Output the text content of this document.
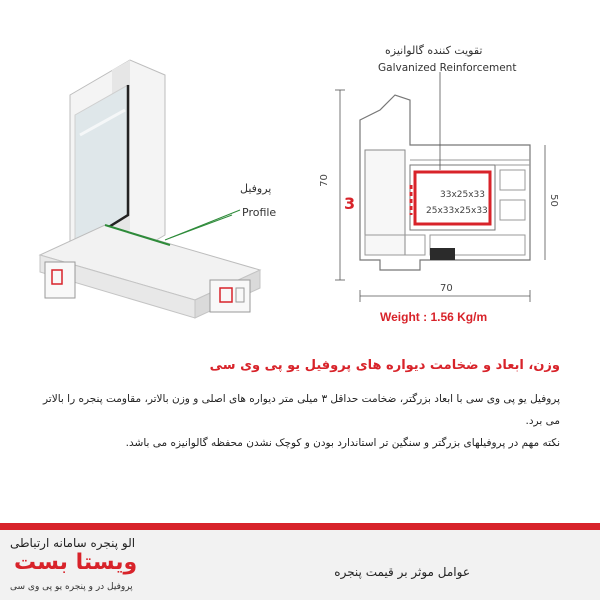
پروفیل
Profile
تقویت کننده گالوانیزه
Galvanized Reinforcement
70
50
70
3	33x25x33
25x33x25x33
Weight : 1.56 Kg/m
وزن، ابعاد و ضخامت دیواره های پروفیل یو پی وی سی
پروفیل یو پی وی سی با ابعاد بزرگتر، ضخامت حداقل ۳ میلی متر دیواره های اصلی و وزن بالاتر، مقاومت پنجره را بالاتر می برد.
نکته مهم در پروفیلهای بزرگتر و سنگین تر استاندارد بودن و کوچک نشدن محفظه گالوانیزه می باشد.
الو پنجره سامانه ارتباطی
ویستا بست
پروفیل در و پنجره یو پی وی سی
عوامل موثر بر قیمت پنجره
